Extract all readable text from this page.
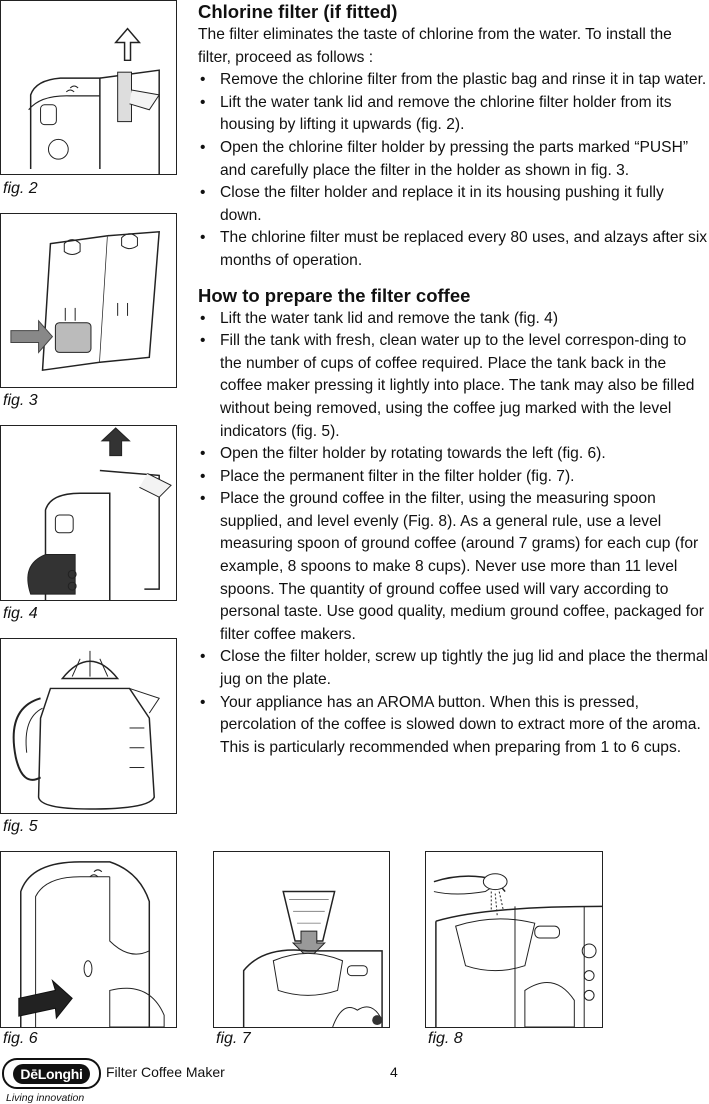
fig. 2
fig. 3
fig. 4
fig. 5
fig. 6	fig. 7	fig. 8
Chlorine filter (if fitted)

The filter eliminates the taste of chlorine from the water. To install the filter, proceed as follows :

• Remove the chlorine filter from the plastic bag and rinse it in tap water.
• Lift the water tank lid and remove the chlorine filter holder from its housing by lifting it upwards (fig. 2).
• Open the chlorine filter holder by pressing the parts marked “PUSH” and carefully place the filter in the holder as shown in fig. 3.
• Close the filter holder and replace it in its housing pushing it fully down.
• The chlorine filter must be replaced every 80 uses, and alzays after six months of operation.
How to prepare the filter coffee
• Lift the water tank lid and remove the tank (fig. 4)
• Fill the tank with fresh, clean water up to the level correspon-ding to the number of cups of coffee required. Place the tank back in the coffee maker pressing it lightly into place. The tank may also be filled without being removed, using the coffee jug marked with the level indicators (fig. 5).
• Open the filter holder by rotating towards the left (fig. 6).
• Place the permanent filter in the filter holder (fig. 7).
• Place the ground coffee in the filter, using the measuring spoon supplied, and level evenly (Fig. 8). As a general rule, use a level measuring spoon of ground coffee (around 7 grams) for each cup (for example, 8 spoons to make 8 cups). Never use more than 11 level spoons. The quantity of ground coffee used will vary according to personal taste. Use good quality, medium ground coffee, packaged for filter coffee makers.
• Close the filter holder, screw up tightly the jug lid and place the thermal jug on the plate.
• Your appliance has an AROMA button. When this is pressed, percolation of the coffee is slowed down to extract more of the aroma. This is particularly recommended when preparing from 1 to 6 cups.
DēLonghi
Living innovation
Filter Coffee Maker	4
